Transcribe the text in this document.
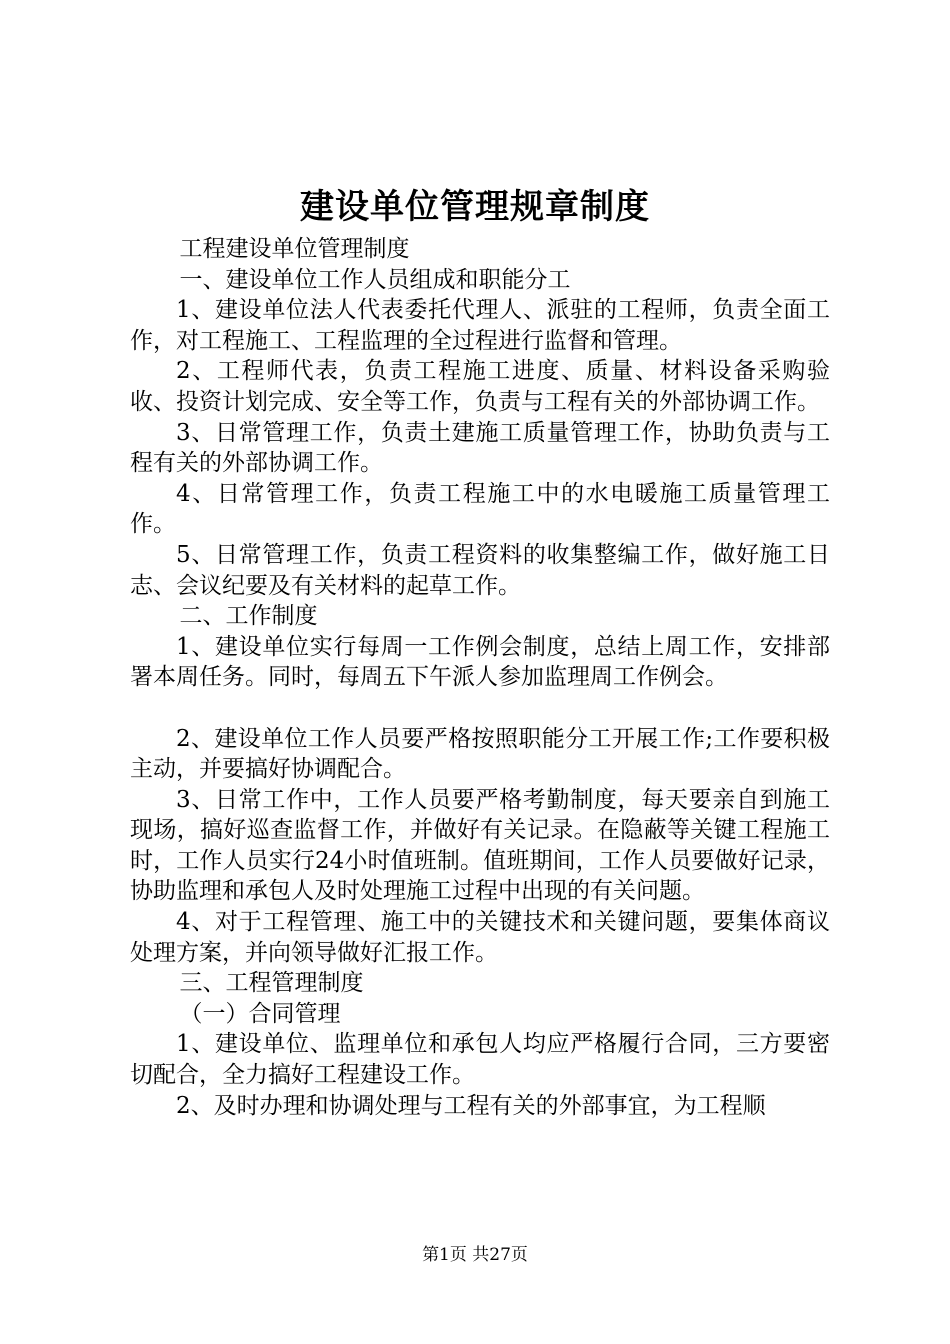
建设单位管理规章制度

工程建设单位管理制度

一、建设单位工作人员组成和职能分工

1、建设单位法人代表委托代理人、派驻的工程师，负责全面工作，对工程施工、工程监理的全过程进行监督和管理。

2、工程师代表，负责工程施工进度、质量、材料设备采购验收、投资计划完成、安全等工作，负责与工程有关的外部协调工作。

3、日常管理工作，负责土建施工质量管理工作，协助负责与工程有关的外部协调工作。

4、日常管理工作，负责工程施工中的水电暖施工质量管理工作。

5、日常管理工作，负责工程资料的收集整编工作，做好施工日志、会议纪要及有关材料的起草工作。

二、工作制度

1、建设单位实行每周一工作例会制度，总结上周工作，安排部署本周任务。同时，每周五下午派人参加监理周工作例会。

2、建设单位工作人员要严格按照职能分工开展工作;工作要积极主动，并要搞好协调配合。

3、日常工作中，工作人员要严格考勤制度，每天要亲自到施工现场，搞好巡查监督工作，并做好有关记录。在隐蔽等关键工程施工时，工作人员实行24小时值班制。值班期间，工作人员要做好记录，协助监理和承包人及时处理施工过程中出现的有关问题。

4、对于工程管理、施工中的关键技术和关键问题，要集体商议处理方案，并向领导做好汇报工作。

三、工程管理制度

（一）合同管理

1、建设单位、监理单位和承包人均应严格履行合同，三方要密切配合，全力搞好工程建设工作。

2、及时办理和协调处理与工程有关的外部事宜，为工程顺

第1页 共27页
